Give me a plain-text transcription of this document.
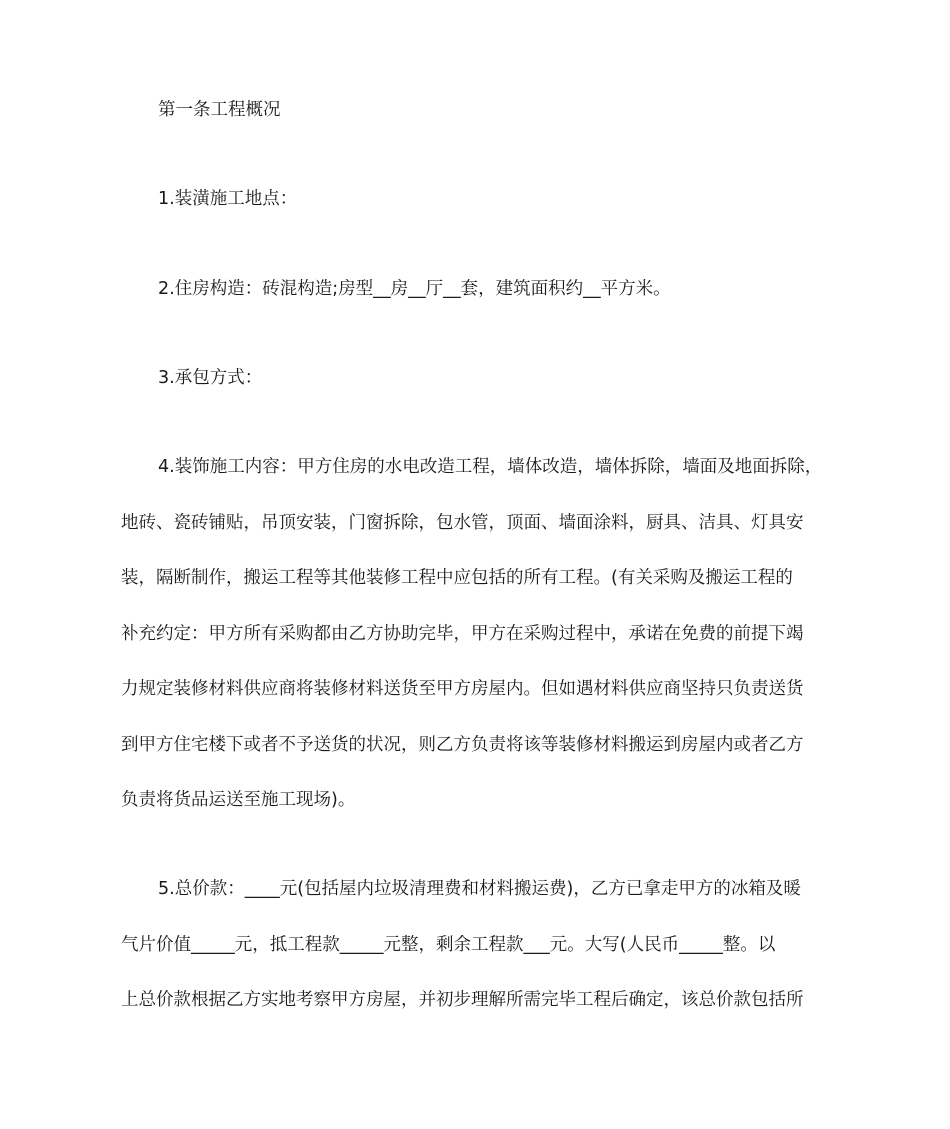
第一条工程概况
1.装潢施工地点：
2.住房构造：砖混构造;房型__房__厅__套，建筑面积约__平方米。
3.承包方式：
4.装饰施工内容：甲方住房的水电改造工程，墙体改造，墙体拆除，墙面及地面拆除，
地砖、瓷砖铺贴，吊顶安装，门窗拆除，包水管，顶面、墙面涂料，厨具、洁具、灯具安
装，隔断制作，搬运工程等其他装修工程中应包括的所有工程。(有关采购及搬运工程的
补充约定：甲方所有采购都由乙方协助完毕，甲方在采购过程中，承诺在免费的前提下竭
力规定装修材料供应商将装修材料送货至甲方房屋内。但如遇材料供应商坚持只负责送货
到甲方住宅楼下或者不予送货的状况，则乙方负责将该等装修材料搬运到房屋内或者乙方
负责将货品运送至施工现场)。
5.总价款：____元(包括屋内垃圾清理费和材料搬运费)，乙方已拿走甲方的冰箱及暖
气片价值_____元，抵工程款_____元整，剩余工程款___元。大写(人民币_____整。以
上总价款根据乙方实地考察甲方房屋，并初步理解所需完毕工程后确定，该总价款包括所
